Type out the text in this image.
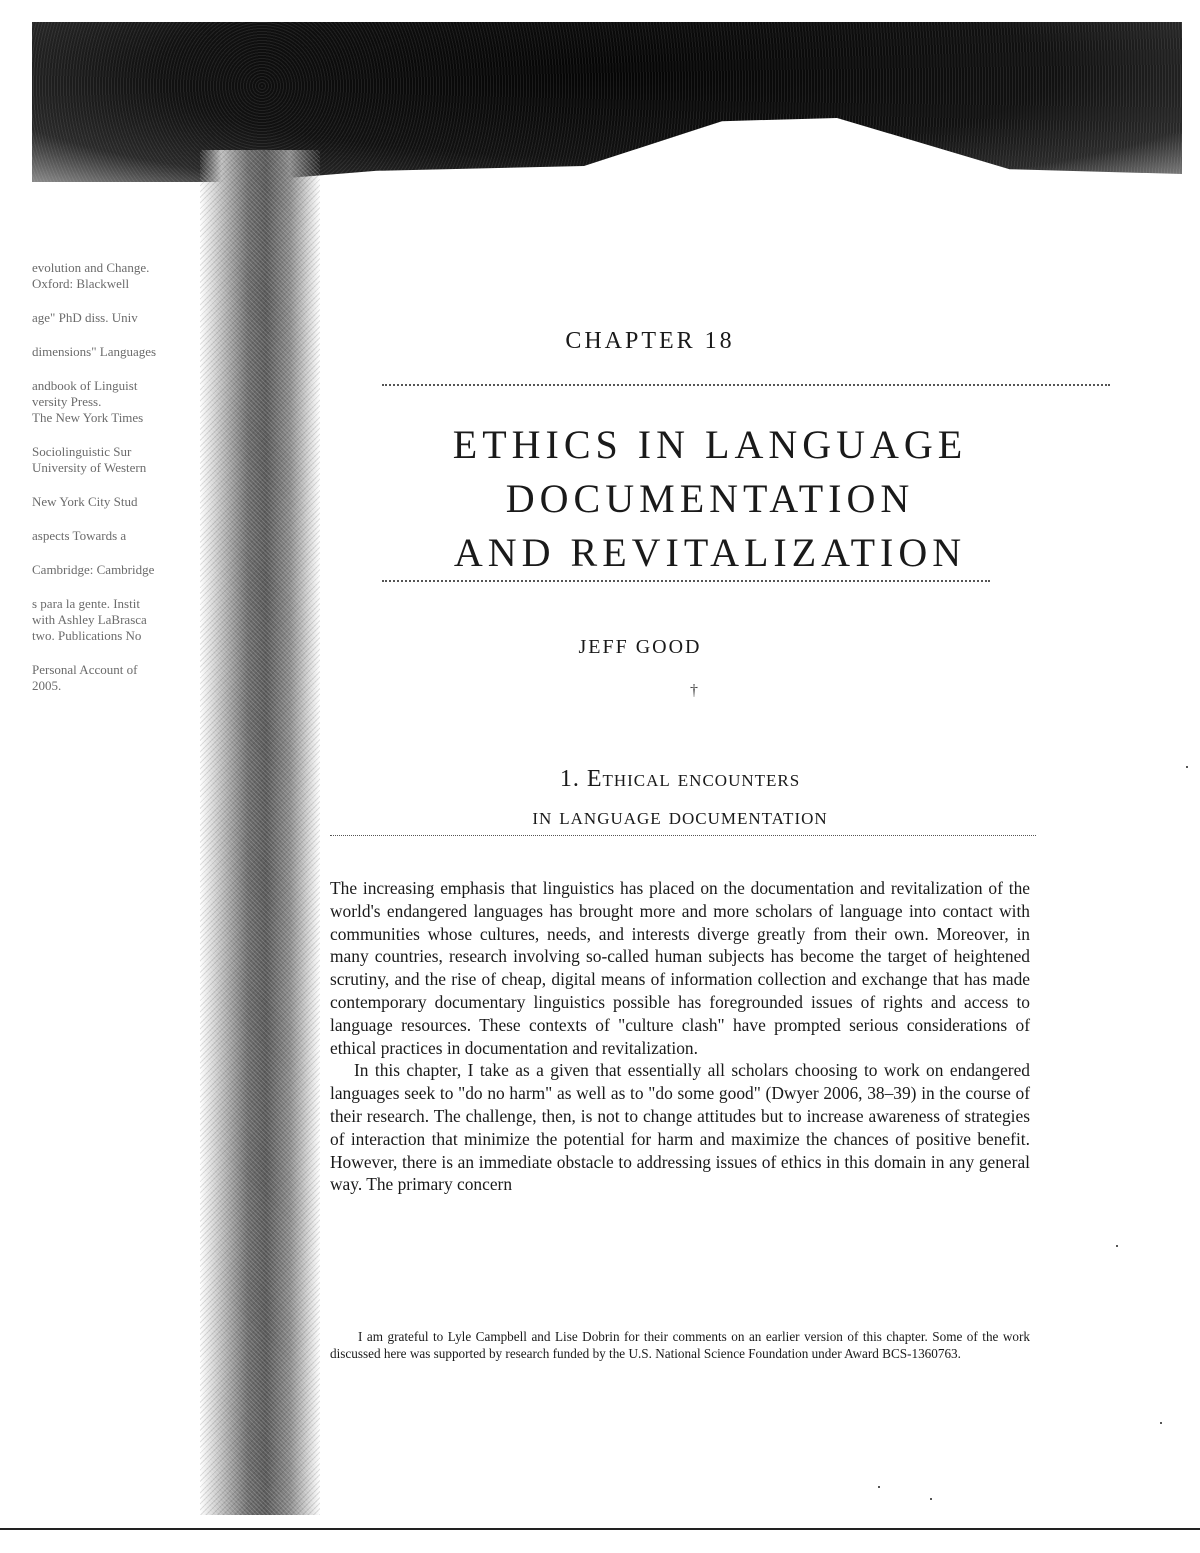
evolution and Change.
Oxford: Blackwell
age" PhD diss. Univ
dimensions" Languages
andbook of Linguist
versity Press.
The New York Times
Sociolinguistic Sur
University of Western
New York City Stud
aspects Towards a
Cambridge: Cambridge
s para la gente. Instit
with Ashley LaBrasca
two. Publications No
Personal Account of
2005.
CHAPTER 18
ETHICS IN LANGUAGE
DOCUMENTATION
AND REVITALIZATION
JEFF GOOD
†
1. Ethical encounters
in language documentation

The increasing emphasis that linguistics has placed on the documentation and revitalization of the world's endangered languages has brought more and more scholars of language into contact with communities whose cultures, needs, and interests diverge greatly from their own. Moreover, in many countries, research involving so-called human subjects has become the target of heightened scrutiny, and the rise of cheap, digital means of information collection and exchange that has made contemporary documentary linguistics possible has foregrounded issues of rights and access to language resources. These contexts of "culture clash" have prompted serious considerations of ethical practices in documentation and revitalization.

In this chapter, I take as a given that essentially all scholars choosing to work on endangered languages seek to "do no harm" as well as to "do some good" (Dwyer 2006, 38–39) in the course of their research. The challenge, then, is not to change attitudes but to increase awareness of strategies of interaction that minimize the potential for harm and maximize the chances of positive benefit. However, there is an immediate obstacle to addressing issues of ethics in this domain in any general way. The primary concern

I am grateful to Lyle Campbell and Lise Dobrin for their comments on an earlier version of this chapter. Some of the work discussed here was supported by research funded by the U.S. National Science Foundation under Award BCS-1360763.
